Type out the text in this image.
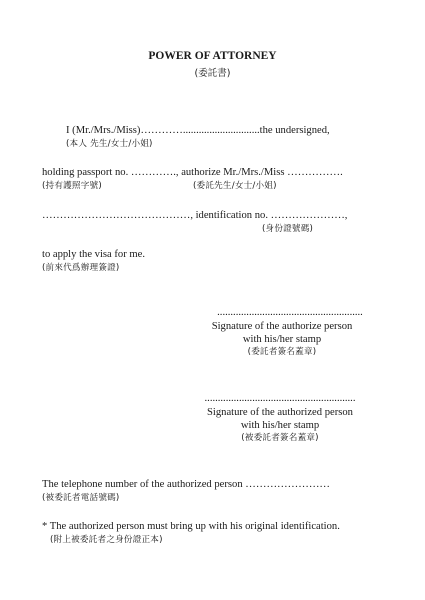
POWER OF ATTORNEY
(委託書)
I (Mr./Mrs./Miss)………….............................the undersigned,
(本人 先生/女士/小姐)
holding passport no. …………., authorize Mr./Mrs./Miss …………….
(持有護照字號)	(委託先生/女士/小姐)
……………………………………, identification no. …………………,
(身份證號碼)
to apply the visa for me.
(前來代爲辦理簽證)
.......................................................
Signature of the authorize person
with his/her stamp
(委託者簽名蓋章)
.........................................................
Signature of the authorized person
with his/her stamp
(被委託者簽名蓋章)
The telephone number of the authorized person ……………………
(被委託者電話號碼)
* The authorized person must bring up with his original identification.
(附上被委託者之身份證正本)
